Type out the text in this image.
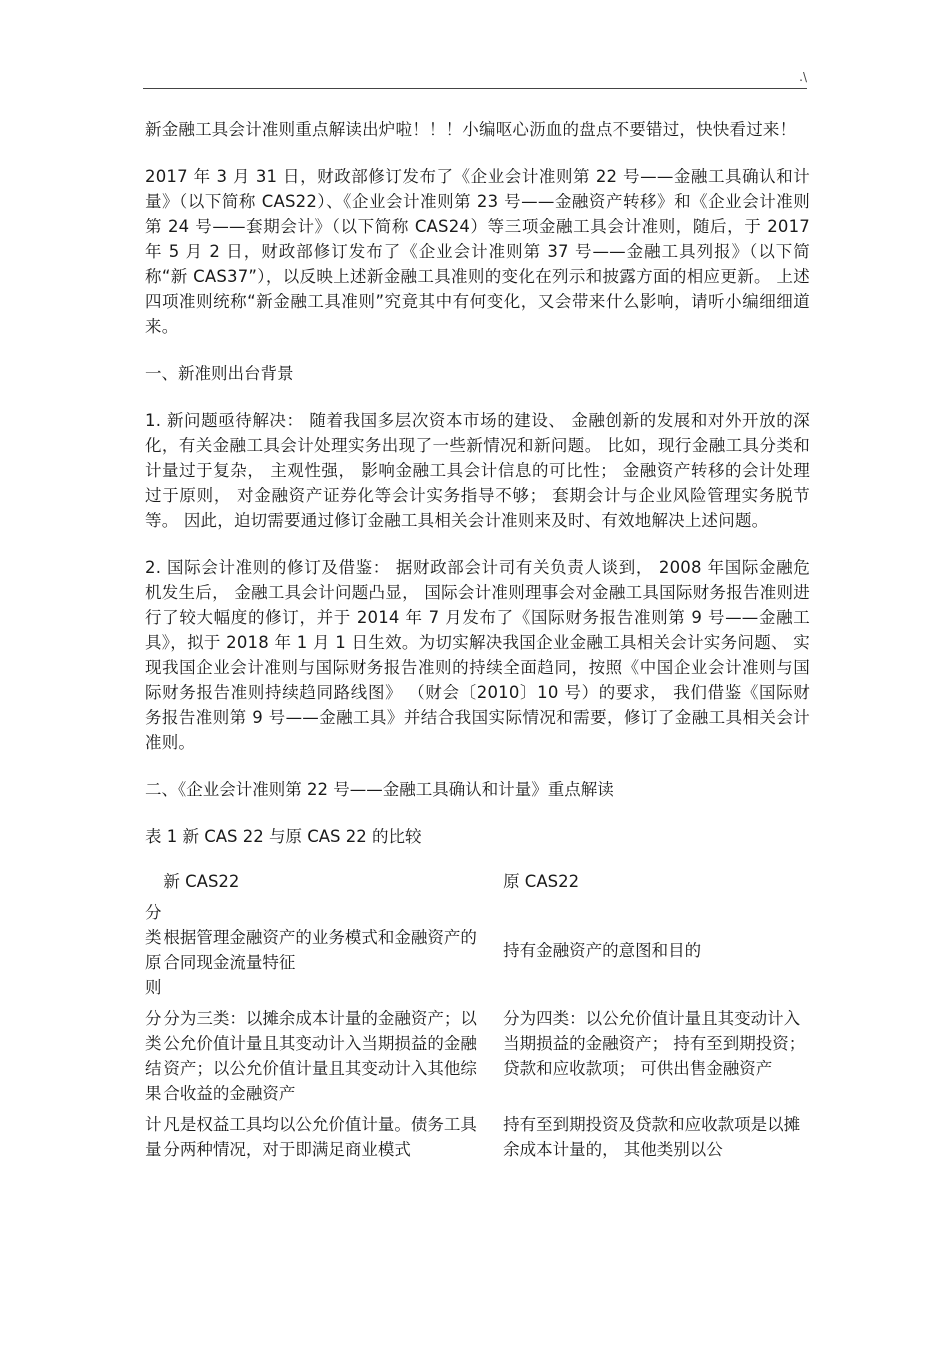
.\

新金融工具会计准则重点解读出炉啦！！！小编呕心沥血的盘点不要错过，快快看过来！

2017 年 3 月 31 日，财政部修订发布了《企业会计准则第 22 号——金融工具确认和计量》（以下简称 CAS22）、《企业会计准则第 23 号——金融资产转移》和《企业会计准则第 24 号——套期会计》（以下简称 CAS24）等三项金融工具会计准则，随后，于 2017 年 5 月 2 日，财政部修订发布了《企业会计准则第 37 号——金融工具列报》（以下简称“新 CAS37”），以反映上述新金融工具准则的变化在列示和披露方面的相应更新。 上述四项准则统称“新金融工具准则”究竟其中有何变化，又会带来什么影响，请听小编细细道来。

一、新准则出台背景

1. 新问题亟待解决： 随着我国多层次资本市场的建设、 金融创新的发展和对外开放的深化，有关金融工具会计处理实务出现了一些新情况和新问题。 比如，现行金融工具分类和计量过于复杂， 主观性强， 影响金融工具会计信息的可比性； 金融资产转移的会计处理过于原则， 对金融资产证券化等会计实务指导不够； 套期会计与企业风险管理实务脱节等。 因此，迫切需要通过修订金融工具相关会计准则来及时、有效地解决上述问题。

2. 国际会计准则的修订及借鉴： 据财政部会计司有关负责人谈到， 2008 年国际金融危机发生后， 金融工具会计问题凸显， 国际会计准则理事会对金融工具国际财务报告准则进行了较大幅度的修订，并于 2014 年 7 月发布了《国际财务报告准则第 9 号——金融工具》，拟于 2018 年 1 月 1 日生效。为切实解决我国企业金融工具相关会计实务问题、 实现我国企业会计准则与国际财务报告准则的持续全面趋同，按照《中国企业会计准则与国际财务报告准则持续趋同路线图》 （财会〔2010〕10 号）的要求， 我们借鉴《国际财务报告准则第 9 号——金融工具》并结合我国实际情况和需要，修订了金融工具相关会计准则。

二、《企业会计准则第 22 号——金融工具确认和计量》重点解读

表 1 新 CAS 22 与原 CAS 22 的比较

	新 CAS22	原 CAS22
分类原则	根据管理金融资产的业务模式和金融资产的合同现金流量特征	持有金融资产的意图和目的
分类结果	分为三类：以摊余成本计量的金融资产；以公允价值计量且其变动计入当期损益的金融资产；以公允价值计量且其变动计入其他综合收益的金融资产	分为四类：以公允价值计量且其变动计入当期损益的金融资产； 持有至到期投资；贷款和应收款项； 可供出售金融资产
计量	凡是权益工具均以公允价值计量。债务工具分两种情况，对于即满足商业模式	持有至到期投资及贷款和应收款项是以摊余成本计量的， 其他类别以公
